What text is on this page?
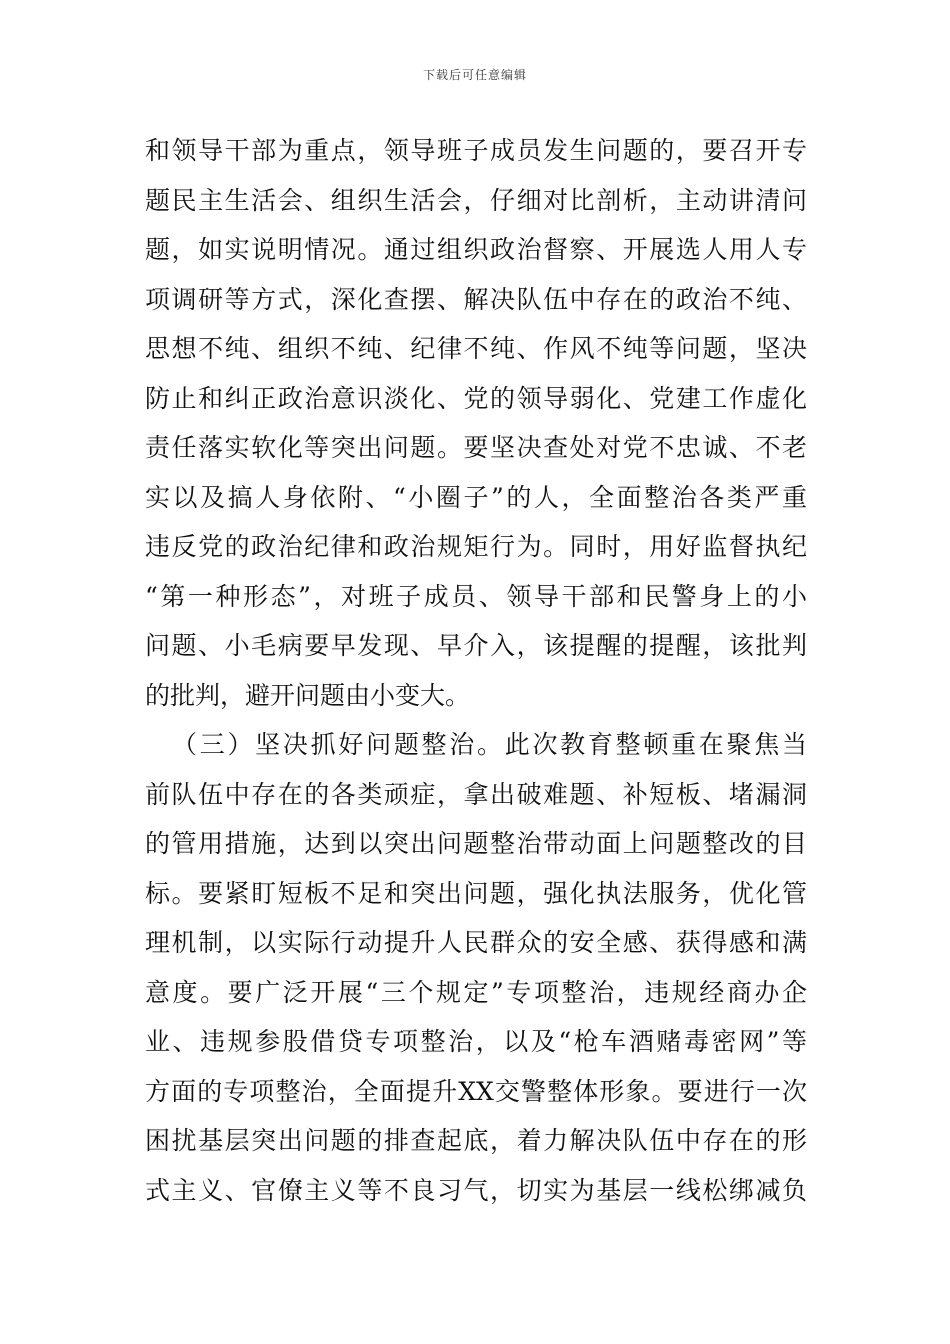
下载后可任意编辑
和领导干部为重点，领导班子成员发生问题的，要召开专
题民主生活会、组织生活会，仔细对比剖析，主动讲清问
题，如实说明情况。通过组织政治督察、开展选人用人专
项调研等方式，深化查摆、解决队伍中存在的政治不纯、
思想不纯、组织不纯、纪律不纯、作风不纯等问题，坚决
防止和纠正政治意识淡化、党的领导弱化、党建工作虚化
责任落实软化等突出问题。要坚决查处对党不忠诚、不老
实以及搞人身依附、“小圈子”的人，全面整治各类严重
违反党的政治纪律和政治规矩行为。同时，用好监督执纪
“第一种形态”，对班子成员、领导干部和民警身上的小
问题、小毛病要早发现、早介入，该提醒的提醒，该批判
的批判，避开问题由小变大。
（三）坚决抓好问题整治。此次教育整顿重在聚焦当
前队伍中存在的各类顽症，拿出破难题、补短板、堵漏洞
的管用措施，达到以突出问题整治带动面上问题整改的目
标。要紧盯短板不足和突出问题，强化执法服务，优化管
理机制，以实际行动提升人民群众的安全感、获得感和满
意度。要广泛开展“三个规定”专项整治，违规经商办企
业、违规参股借贷专项整治，以及“枪车酒赌毒密网”等
方面的专项整治，全面提升XX交警整体形象。要进行一次
困扰基层突出问题的排查起底，着力解决队伍中存在的形
式主义、官僚主义等不良习气，切实为基层一线松绑减负
